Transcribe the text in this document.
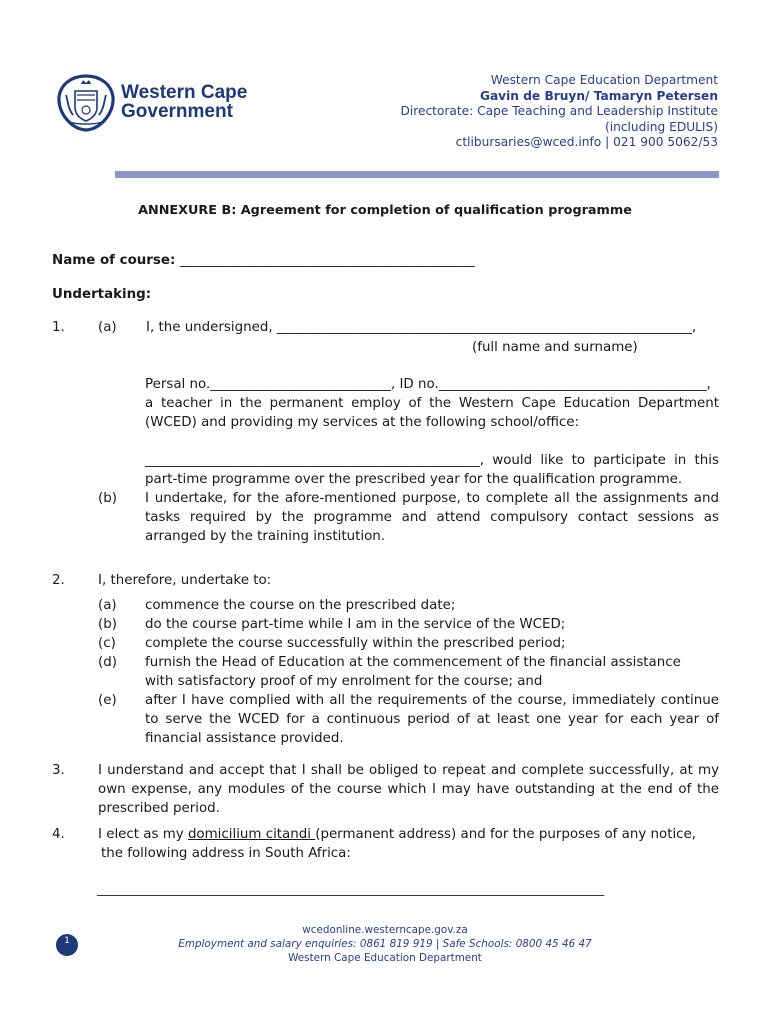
Western Cape
Government
Western Cape Education Department
Gavin de Bruyn/ Tamaryn Petersen
Directorate: Cape Teaching and Leadership Institute
(including EDULIS)
ctlibursaries@wced.info | 021 900 5062/53
ANNEXURE B: Agreement for completion of qualification programme
Name of course: ____________________________________________
Undertaking:
1. (a) I, the undersigned, ______________________________________________________________,
(full name and surname)
Persal no.___________________________, ID no.________________________________________,
a teacher in the permanent employ of the Western Cape Education Department (WCED) and providing my services at the following school/office:
__________________________________________________, would like to participate in this part-time programme over the prescribed year for the qualification programme.
(b) I undertake, for the afore-mentioned purpose, to complete all the assignments and tasks required by the programme and attend compulsory contact sessions as arranged by the training institution.
2. I, therefore, undertake to:
(a) commence the course on the prescribed date;
(b) do the course part-time while I am in the service of the WCED;
(c) complete the course successfully within the prescribed period;
(d) furnish the Head of Education at the commencement of the financial assistance with satisfactory proof of my enrolment for the course; and
(e) after I have complied with all the requirements of the course, immediately continue to serve the WCED for a continuous period of at least one year for each year of financial assistance provided.
3. I understand and accept that I shall be obliged to repeat and complete successfully, at my own expense, any modules of the course which I may have outstanding at the end of the prescribed period.
4. I elect as my domicilium citandi (permanent address) and for the purposes of any notice,
the following address in South Africa:
______________________________________________________________________________________
1
wcedonline.westerncape.gov.za
Employment and salary enquiries: 0861 819 919 | Safe Schools: 0800 45 46 47
Western Cape Education Department
